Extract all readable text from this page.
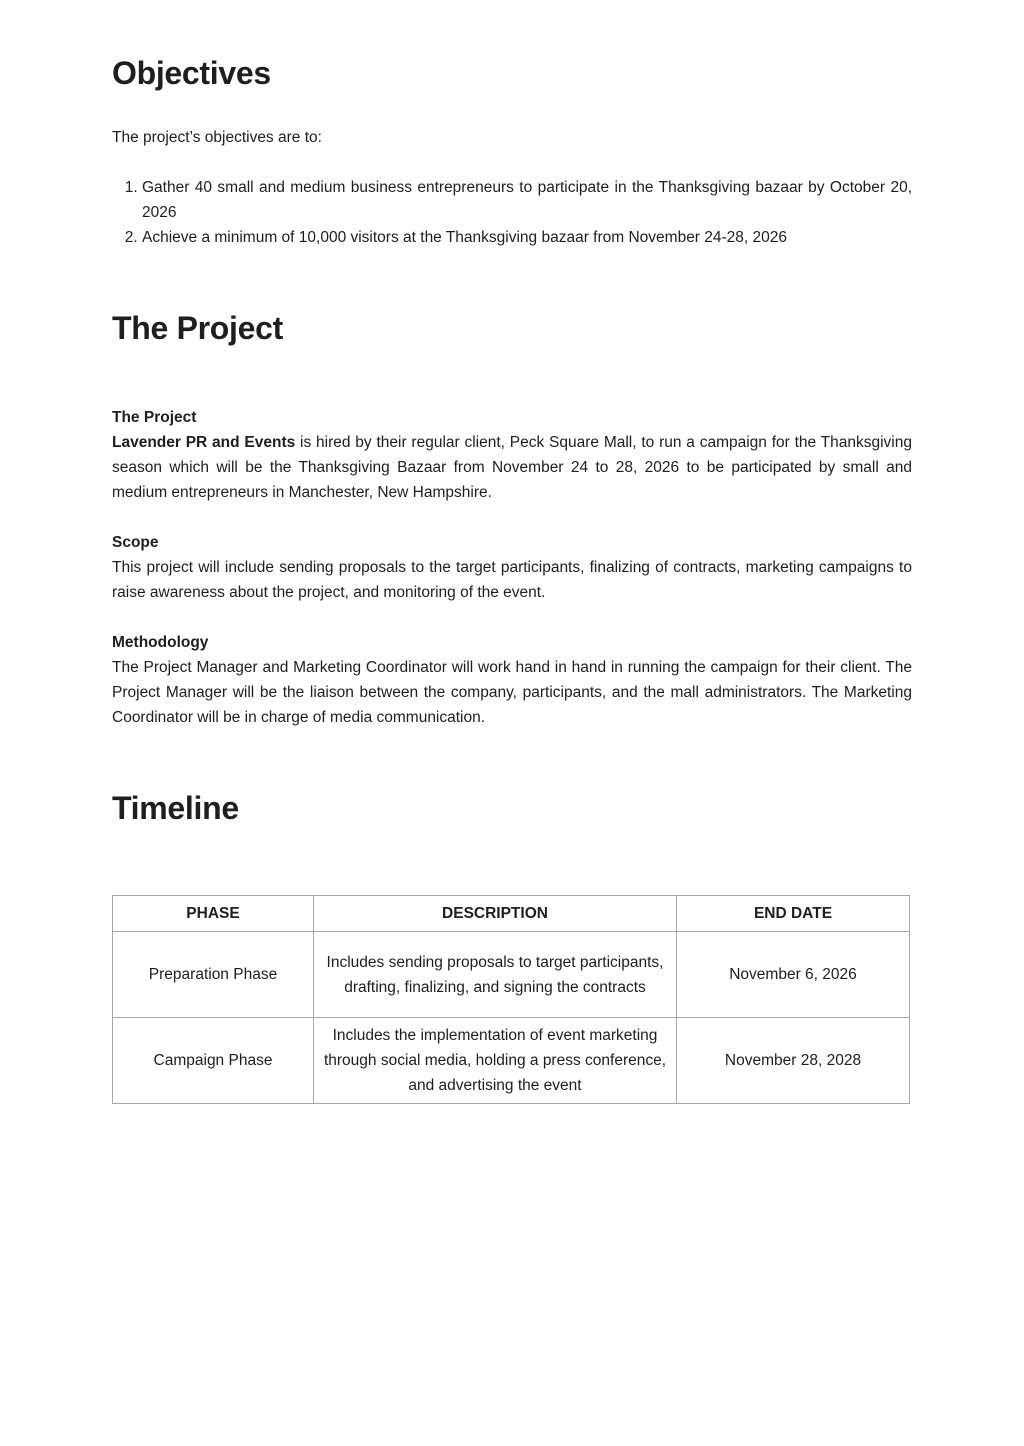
Objectives

The project’s objectives are to:

1. Gather 40 small and medium business entrepreneurs to participate in the Thanksgiving bazaar by October 20, 2026
2. Achieve a minimum of 10,000 visitors at the Thanksgiving bazaar from November 24-28, 2026
The Project
The Project

Lavender PR and Events is hired by their regular client, Peck Square Mall, to run a campaign for the Thanksgiving season which will be the Thanksgiving Bazaar from November 24 to 28, 2026 to be participated by small and medium entrepreneurs in Manchester, New Hampshire.

Scope

This project will include sending proposals to the target participants, finalizing of contracts, marketing campaigns to raise awareness about the project, and monitoring of the event.

Methodology

The Project Manager and Marketing Coordinator will work hand in hand in running the campaign for their client. The Project Manager will be the liaison between the company, participants, and the mall administrators. The Marketing Coordinator will be in charge of media communication.

Timeline
PHASE	DESCRIPTION	END DATE
Preparation Phase	Includes sending proposals to target participants, drafting, finalizing, and signing the contracts	November 6, 2026
Campaign Phase	Includes the implementation of event marketing through social media, holding a press conference, and advertising the event	November 28, 2028
